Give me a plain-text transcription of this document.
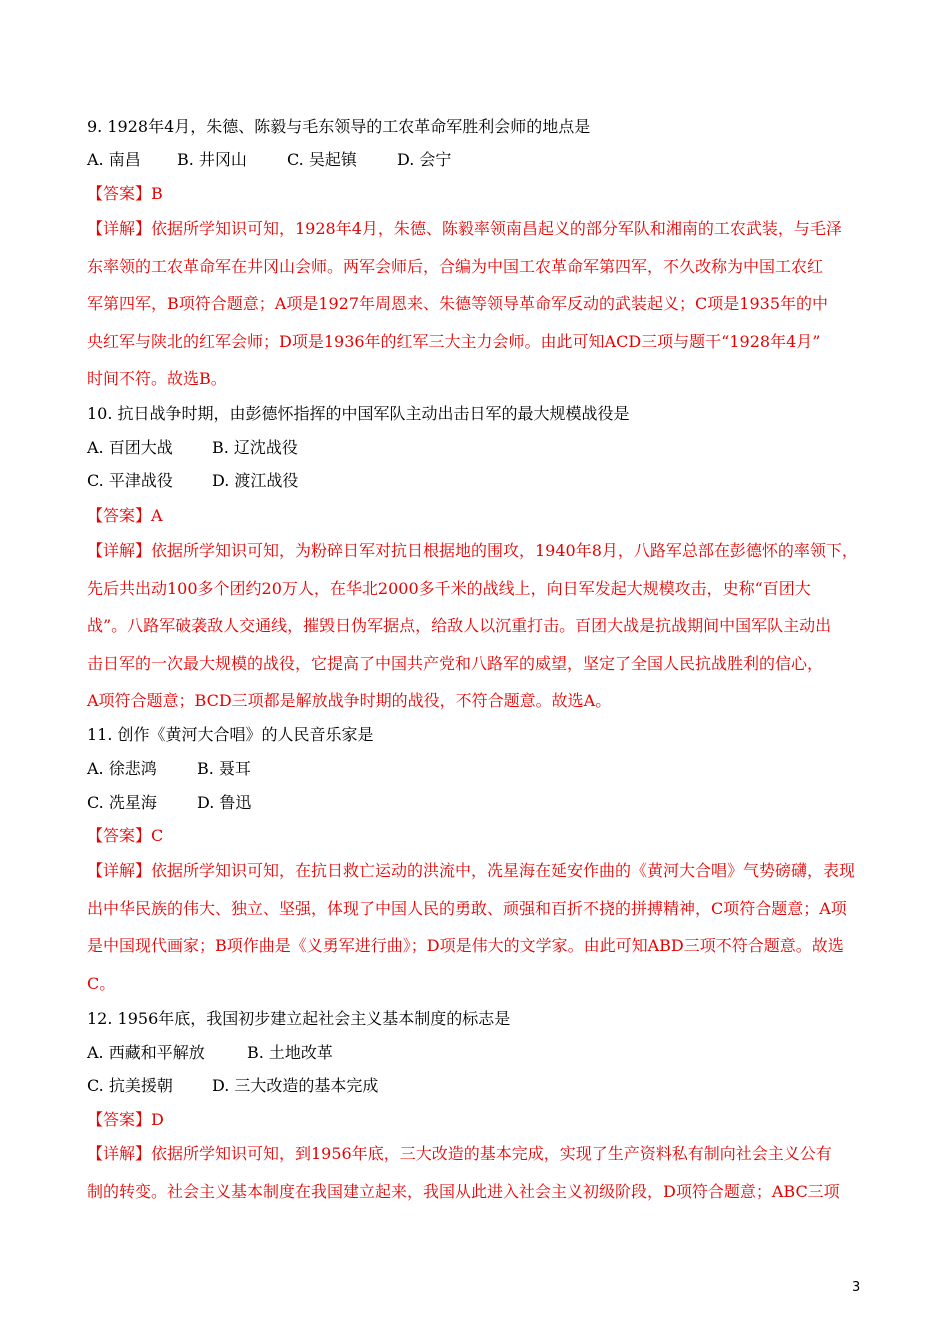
9. 1928年4月，朱德、陈毅与毛东领导的工农革命军胜利会师的地点是
A. 南昌 B. 井冈山	C. 吴起镇	D. 会宁
【答案】B

【详解】依据所学知识可知，1928年4月，朱德、陈毅率领南昌起义的部分军队和湘南的工农武装，与毛泽

东率领的工农革命军在井冈山会师。两军会师后，合编为中国工农革命军第四军，不久改称为中国工农红

军第四军，B项符合题意；A项是1927年周恩来、朱德等领导革命军反动的武装起义；C项是1935年的中

央红军与陕北的红军会师；D项是1936年的红军三大主力会师。由此可知ACD三项与题干“1928年4月”

时间不符。故选B。

10. 抗日战争时期，由彭德怀指挥的中国军队主动出击日军的最大规模战役是
A. 百团大战 B. 辽沈战役
C. 平津战役 D. 渡江战役
【答案】A

【详解】依据所学知识可知，为粉碎日军对抗日根据地的围攻，1940年8月，八路军总部在彭德怀的率领下，

先后共出动100多个团约20万人，在华北2000多千米的战线上，向日军发起大规模攻击，史称“百团大

战”。八路军破袭敌人交通线，摧毁日伪军据点，给敌人以沉重打击。百团大战是抗战期间中国军队主动出

击日军的一次最大规模的战役，它提高了中国共产党和八路军的威望，坚定了全国人民抗战胜利的信心，

A项符合题意；BCD三项都是解放战争时期的战役，不符合题意。故选A。

11. 创作《黄河大合唱》的人民音乐家是
A. 徐悲鸿	B. 聂耳
C. 冼星海	D. 鲁迅
【答案】C

【详解】依据所学知识可知，在抗日救亡运动的洪流中，冼星海在延安作曲的《黄河大合唱》气势磅礴，表现

出中华民族的伟大、独立、坚强，体现了中国人民的勇敢、顽强和百折不挠的拼搏精神，C项符合题意；A项

是中国现代画家；B项作曲是《义勇军进行曲》；D项是伟大的文学家。由此可知ABD三项不符合题意。故选

C。

12. 1956年底，我国初步建立起社会主义基本制度的标志是
A. 西藏和平解放	B. 土地改革
C. 抗美援朝 D. 三大改造的基本完成
【答案】D

【详解】依据所学知识可知，到1956年底，三大改造的基本完成，实现了生产资料私有制向社会主义公有

制的转变。社会主义基本制度在我国建立起来，我国从此进入社会主义初级阶段，D项符合题意；ABC三项

3
